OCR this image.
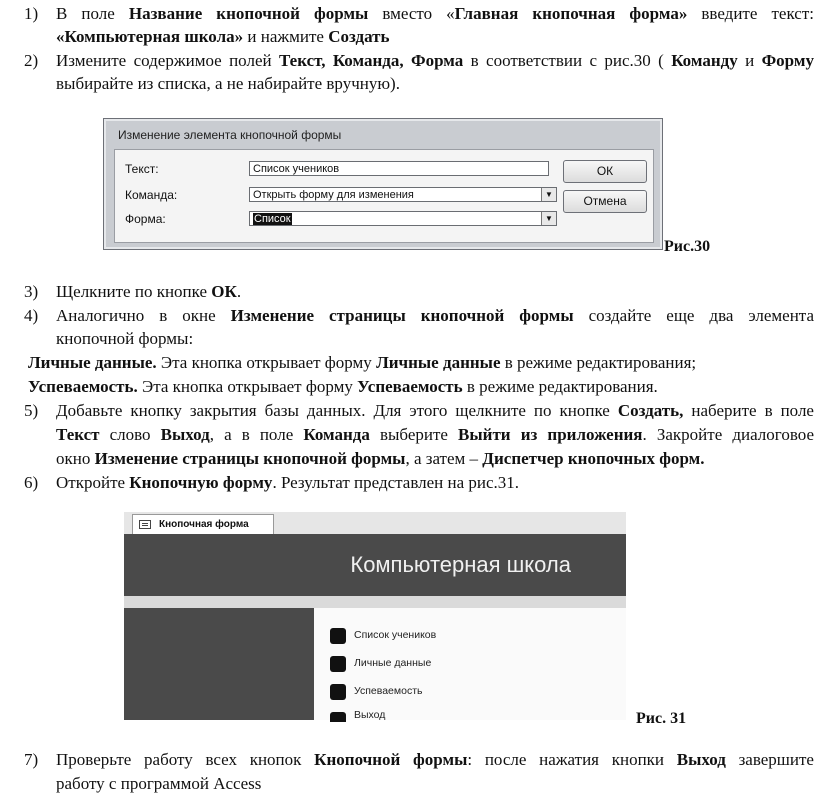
1) В поле Название кнопочной формы вместо «Главная кнопочная форма» введите текст:
«Компьютерная школа» и нажмите Создать
2) Измените содержимое полей Текст, Команда, Форма в соответствии с рис.30 ( Команду и Форму
выбирайте из списка, а не набирайте вручную).
Изменение элемента кнопочной формы
Текст:	Список учеников
Команда:	Открыть форму для изменения	▼
Форма:	Список	▼
ОК
Отмена
Рис.30
3) Щелкните по кнопке ОК.
4) Аналогично в окне Изменение страницы кнопочной формы создайте еще два элемента
кнопочной формы:
Личные данные. Эта кнопка открывает форму Личные данные в режиме редактирования;
Успеваемость. Эта кнопка открывает форму Успеваемость в режиме редактирования.
5) Добавьте кнопку закрытия базы данных. Для этого щелкните по кнопке Создать, наберите в поле
Текст слово Выход, а в поле Команда выберите Выйти из приложения. Закройте диалоговое
окно Изменение страницы кнопочной формы, а затем – Диспетчер кнопочных форм.
6) Откройте Кнопочную форму. Результат представлен на рис.31.
Кнопочная форма
Компьютерная школа
Список учеников
Личные данные
Успеваемость
Выход	Рис. 31
7) Проверьте работу всех кнопок Кнопочной формы: после нажатия кнопки Выход завершите
работу с программой Access
